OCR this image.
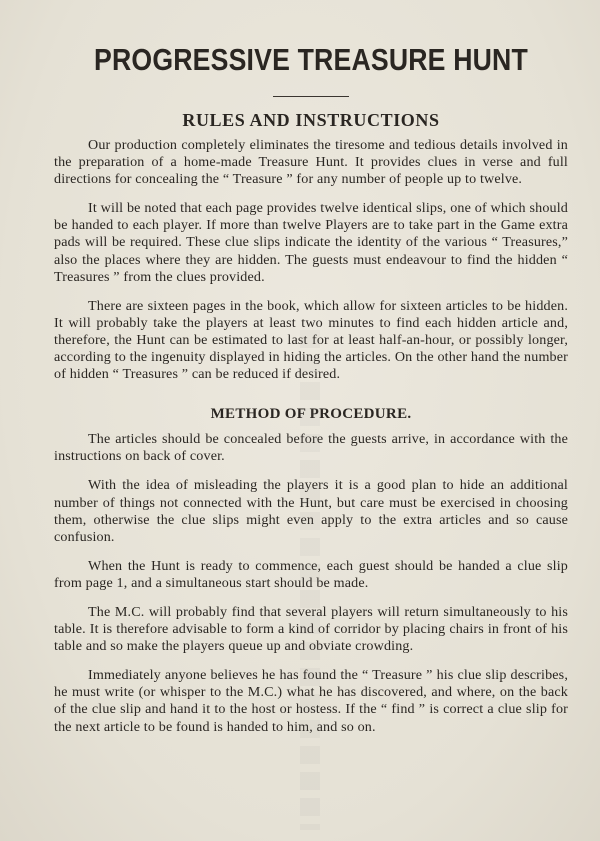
PROGRESSIVE TREASURE HUNT
RULES AND INSTRUCTIONS

Our production completely eliminates the tiresome and tedious details involved in the preparation of a home-made Treasure Hunt. It provides clues in verse and full directions for concealing the “ Treasure ” for any number of people up to twelve.

It will be noted that each page provides twelve identical slips, one of which should be handed to each player. If more than twelve Players are to take part in the Game extra pads will be required. These clue slips indicate the identity of the various “ Treasures,” also the places where they are hidden. The guests must endeavour to find the hidden “ Treasures ” from the clues provided.

There are sixteen pages in the book, which allow for sixteen articles to be hidden. It will probably take the players at least two minutes to find each hidden article and, therefore, the Hunt can be estimated to last for at least half-an-hour, or possibly longer, according to the ingenuity displayed in hiding the articles. On the other hand the number of hidden “ Treasures ” can be reduced if desired.

METHOD OF PROCEDURE.

The articles should be concealed before the guests arrive, in accordance with the instructions on back of cover.

With the idea of misleading the players it is a good plan to hide an additional number of things not connected with the Hunt, but care must be exercised in choosing them, otherwise the clue slips might even apply to the extra articles and so cause confusion.

When the Hunt is ready to commence, each guest should be handed a clue slip from page 1, and a simultaneous start should be made.

The M.C. will probably find that several players will return simultaneously to his table. It is therefore advisable to form a kind of corridor by placing chairs in front of his table and so make the players queue up and obviate crowding.

Immediately anyone believes he has found the “ Treasure ” his clue slip describes, he must write (or whisper to the M.C.) what he has discovered, and where, on the back of the clue slip and hand it to the host or hostess. If the “ find ” is correct a clue slip for the next article to be found is handed to him, and so on.
